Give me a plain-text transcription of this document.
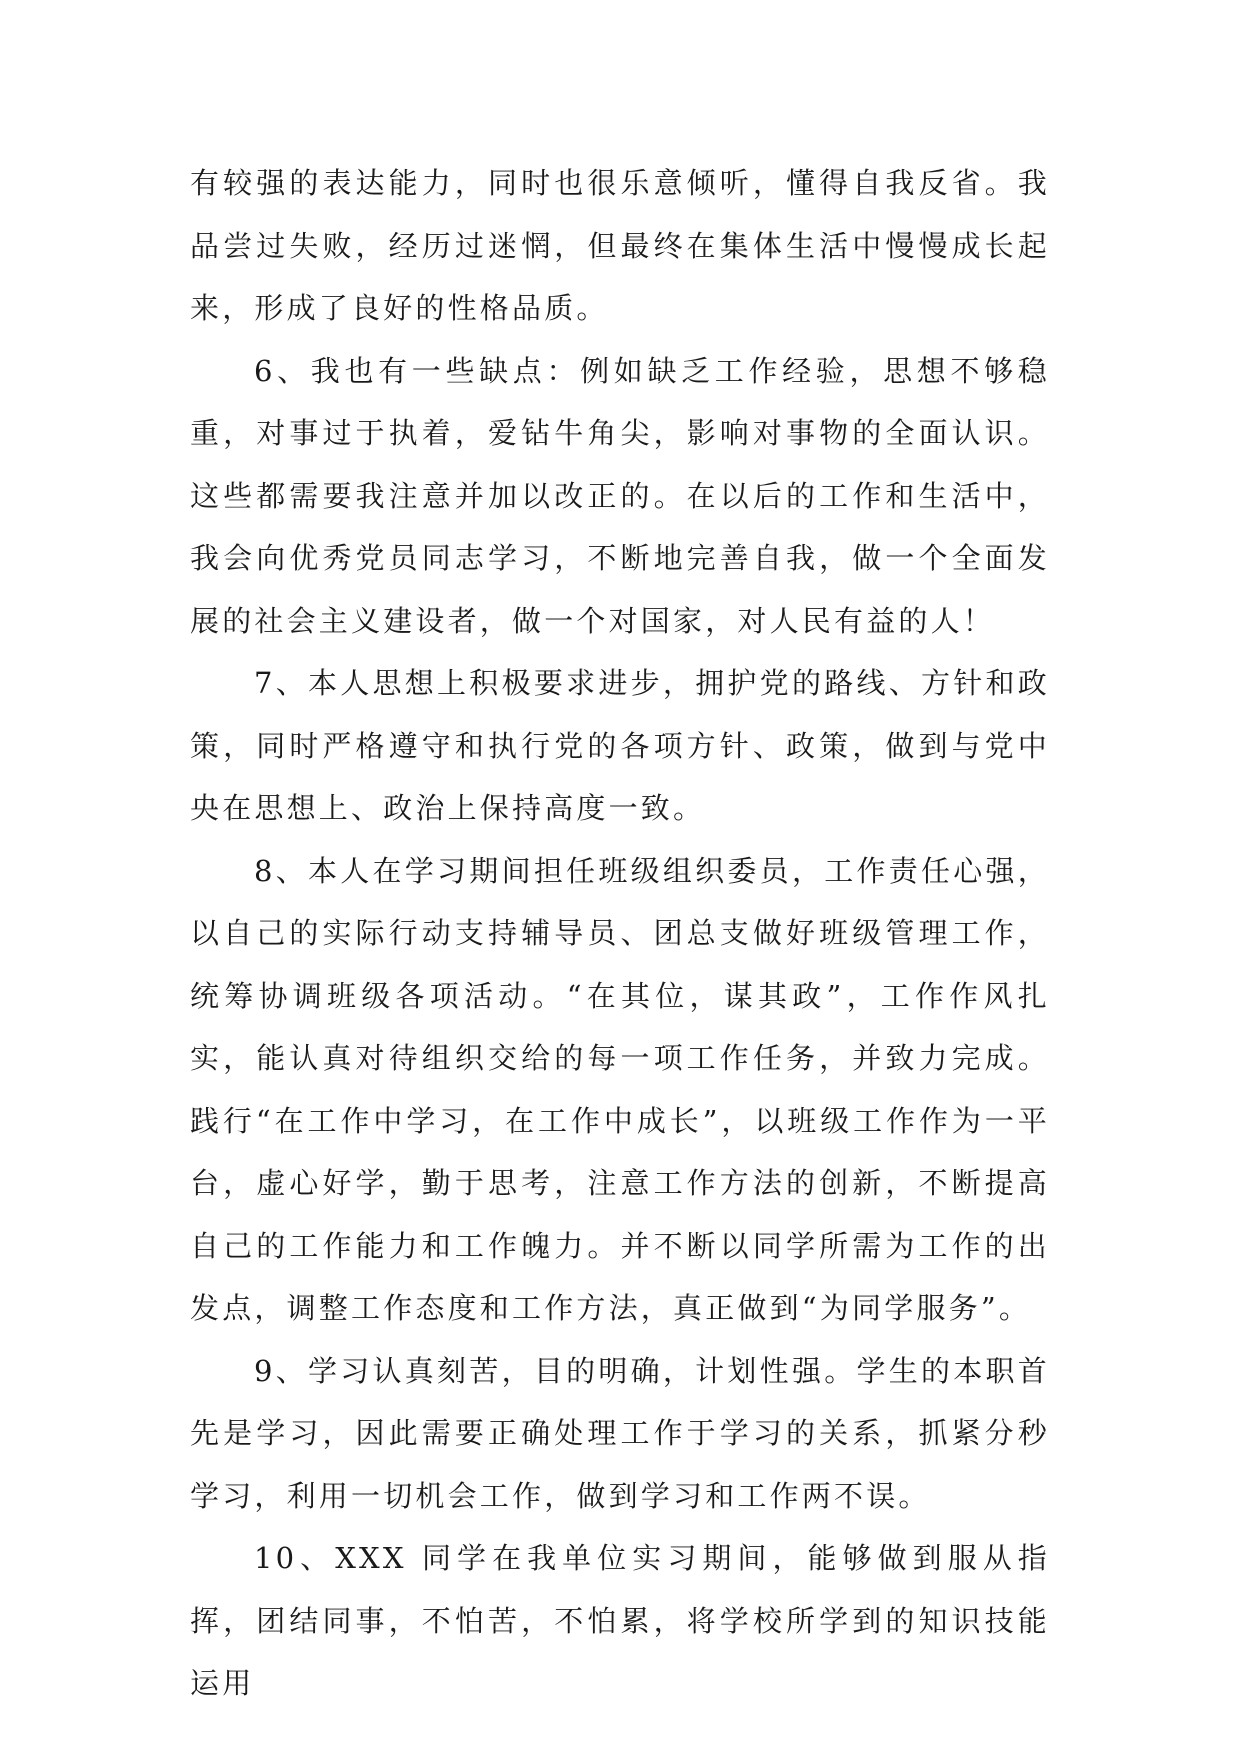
有较强的表达能力，同时也很乐意倾听，懂得自我反省。我品尝过失败，经历过迷惘，但最终在集体生活中慢慢成长起来，形成了良好的性格品质。

6、我也有一些缺点：例如缺乏工作经验，思想不够稳重，对事过于执着，爱钻牛角尖，影响对事物的全面认识。这些都需要我注意并加以改正的。在以后的工作和生活中，我会向优秀党员同志学习，不断地完善自我，做一个全面发展的社会主义建设者，做一个对国家，对人民有益的人！

7、本人思想上积极要求进步，拥护党的路线、方针和政策，同时严格遵守和执行党的各项方针、政策，做到与党中央在思想上、政治上保持高度一致。

8、本人在学习期间担任班级组织委员，工作责任心强，以自己的实际行动支持辅导员、团总支做好班级管理工作，统筹协调班级各项活动。“在其位，谋其政”，工作作风扎实，能认真对待组织交给的每一项工作任务，并致力完成。践行“在工作中学习，在工作中成长”，以班级工作作为一平台，虚心好学，勤于思考，注意工作方法的创新，不断提高自己的工作能力和工作魄力。并不断以同学所需为工作的出发点，调整工作态度和工作方法，真正做到“为同学服务”。

9、学习认真刻苦，目的明确，计划性强。学生的本职首先是学习，因此需要正确处理工作于学习的关系，抓紧分秒学习，利用一切机会工作，做到学习和工作两不误。

10、XXX 同学在我单位实习期间，能够做到服从指挥，团结同事，不怕苦，不怕累，将学校所学到的知识技能运用
